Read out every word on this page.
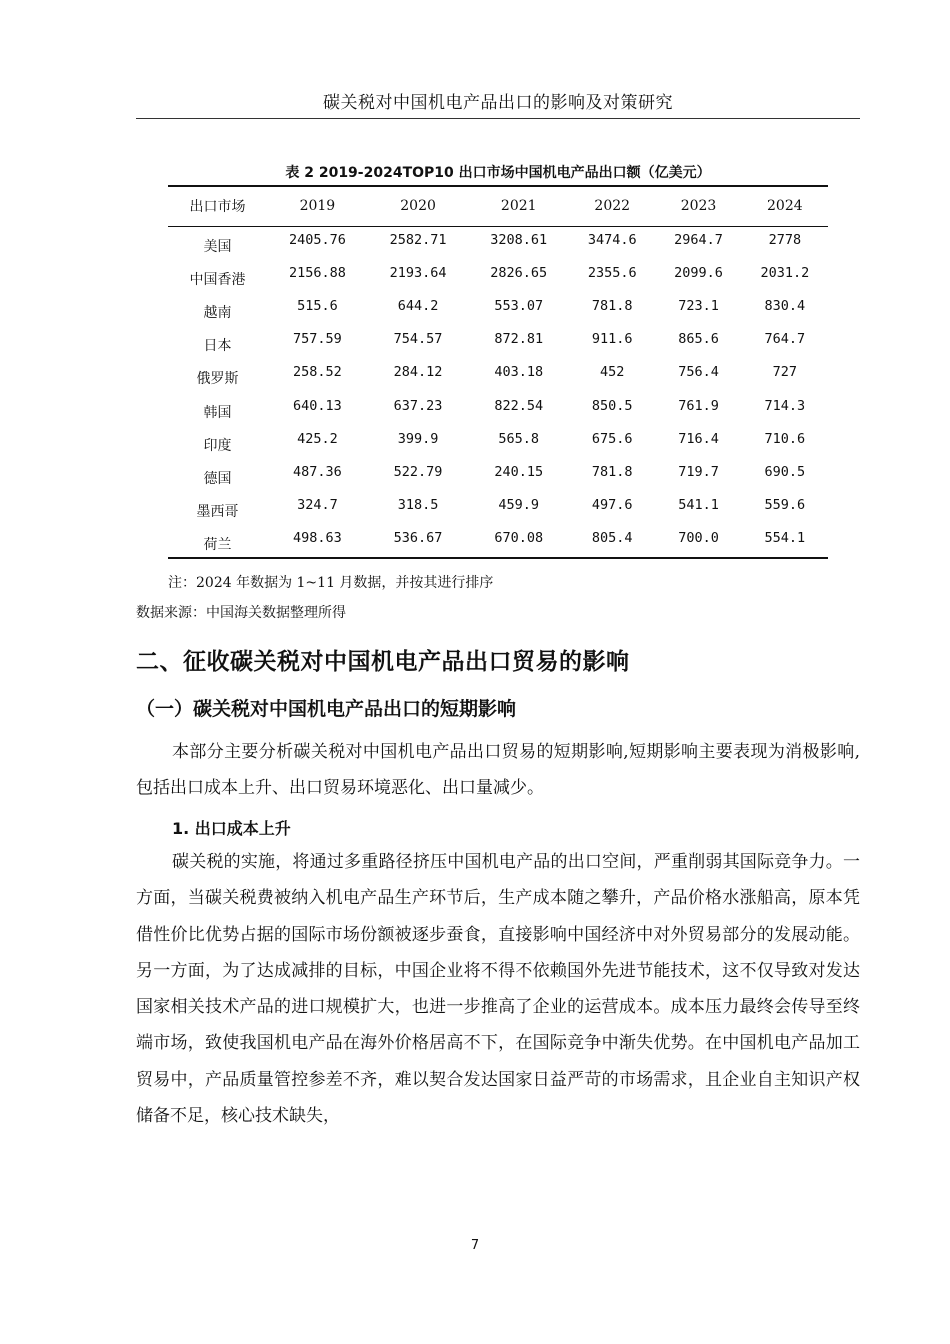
碳关税对中国机电产品出口的影响及对策研究
表 2 2019-2024TOP10 出口市场中国机电产品出口额（亿美元）
出口市场	2019	2020	2021	2022	2023	2024
美国	2405.76	2582.71	3208.61	3474.6	2964.7	2778
中国香港	2156.88	2193.64	2826.65	2355.6	2099.6	2031.2
越南	515.6	644.2	553.07	781.8	723.1	830.4
日本	757.59	754.57	872.81	911.6	865.6	764.7
俄罗斯	258.52	284.12	403.18	452	756.4	727
韩国	640.13	637.23	822.54	850.5	761.9	714.3
印度	425.2	399.9	565.8	675.6	716.4	710.6
德国	487.36	522.79	240.15	781.8	719.7	690.5
墨西哥	324.7	318.5	459.9	497.6	541.1	559.6
荷兰	498.63	536.67	670.08	805.4	700.0	554.1
注：2024 年数据为 1~11 月数据，并按其进行排序
数据来源：中国海关数据整理所得
二、征收碳关税对中国机电产品出口贸易的影响
（一）碳关税对中国机电产品出口的短期影响

本部分主要分析碳关税对中国机电产品出口贸易的短期影响,短期影响主要表现为消极影响,包括出口成本上升、出口贸易环境恶化、出口量减少。

1. 出口成本上升

碳关税的实施，将通过多重路径挤压中国机电产品的出口空间，严重削弱其国际竞争力。一方面，当碳关税费被纳入机电产品生产环节后，生产成本随之攀升，产品价格水涨船高，原本凭借性价比优势占据的国际市场份额被逐步蚕食，直接影响中国经济中对外贸易部分的发展动能。另一方面，为了达成减排的目标，中国企业将不得不依赖国外先进节能技术，这不仅导致对发达国家相关技术产品的进口规模扩大，也进一步推高了企业的运营成本。成本压力最终会传导至终端市场，致使我国机电产品在海外价格居高不下，在国际竞争中渐失优势。在中国机电产品加工贸易中，产品质量管控参差不齐，难以契合发达国家日益严苛的市场需求，且企业自主知识产权储备不足，核心技术缺失，

7
